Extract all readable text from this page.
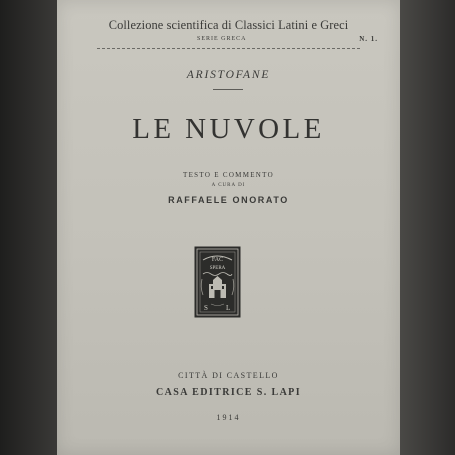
Collezione scientifica di Classici Latini e Greci
SERIE GRECA	N. 1.
ARISTOFANE
LE NUVOLE
TESTO E COMMENTO
A CURA DI
RAFFAELE ONORATO
FAC
SPERA
S	L
CITTÀ DI CASTELLO
CASA EDITRICE S. LAPI
1914
